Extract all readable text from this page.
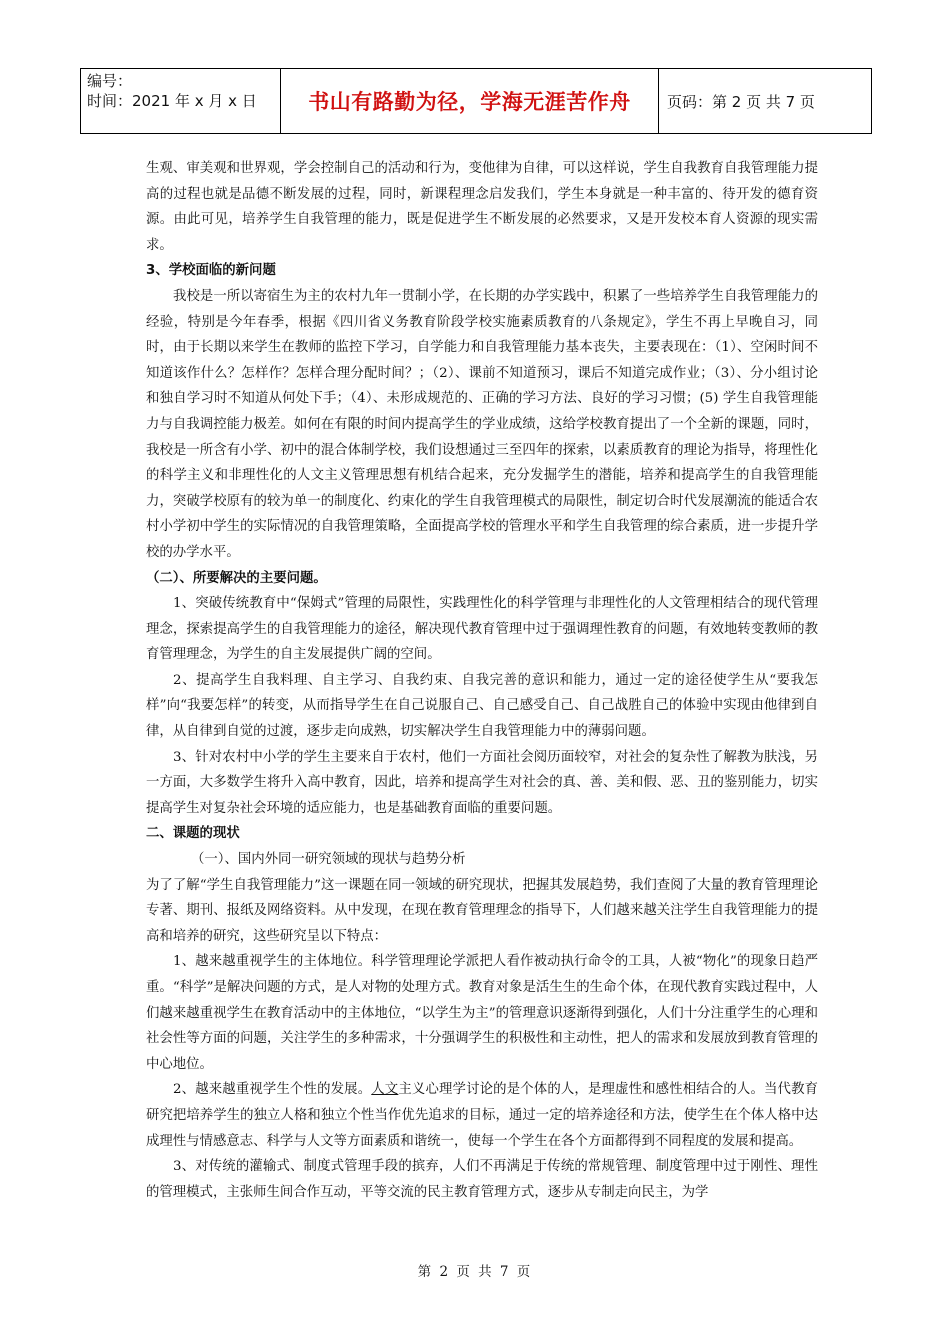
编号：
时间：2021 年 x 月 x 日	书山有路勤为径，学海无涯苦作舟	页码：第 2 页 共 7 页

生观、审美观和世界观，学会控制自己的活动和行为，变他律为自律，可以这样说，学生自我教育自我管理能力提高的过程也就是品德不断发展的过程，同时，新课程理念启发我们，学生本身就是一种丰富的、待开发的德育资源。由此可见，培养学生自我管理的能力，既是促进学生不断发展的必然要求，又是开发校本育人资源的现实需求。

3、学校面临的新问题

我校是一所以寄宿生为主的农村九年一贯制小学，在长期的办学实践中，积累了一些培养学生自我管理能力的经验，特别是今年春季，根据《四川省义务教育阶段学校实施素质教育的八条规定》，学生不再上早晚自习，同时，由于长期以来学生在教师的监控下学习，自学能力和自我管理能力基本丧失，主要表现在：（1）、空闲时间不知道该作什么？怎样作？怎样合理分配时间？；（2）、课前不知道预习，课后不知道完成作业；（3）、分小组讨论和独自学习时不知道从何处下手；（4）、未形成规范的、正确的学习方法、良好的学习习惯；(5) 学生自我管理能力与自我调控能力极差。如何在有限的时间内提高学生的学业成绩，这给学校教育提出了一个全新的课题，同时，我校是一所含有小学、初中的混合体制学校，我们设想通过三至四年的探索，以素质教育的理论为指导，将理性化的科学主义和非理性化的人文主义管理思想有机结合起来，充分发掘学生的潜能，培养和提高学生的自我管理能力，突破学校原有的较为单一的制度化、约束化的学生自我管理模式的局限性，制定切合时代发展潮流的能适合农村小学初中学生的实际情况的自我管理策略，全面提高学校的管理水平和学生自我管理的综合素质，进一步提升学校的办学水平。

（二）、所要解决的主要问题。

1、突破传统教育中“保姆式”管理的局限性，实践理性化的科学管理与非理性化的人文管理相结合的现代管理理念，探索提高学生的自我管理能力的途径，解决现代教育管理中过于强调理性教育的问题，有效地转变教师的教育管理理念，为学生的自主发展提供广阔的空间。

2、提高学生自我料理、自主学习、自我约束、自我完善的意识和能力，通过一定的途径使学生从“要我怎样”向“我要怎样”的转变，从而指导学生在自己说服自己、自己感受自己、自己战胜自己的体验中实现由他律到自律，从自律到自觉的过渡，逐步走向成熟，切实解决学生自我管理能力中的薄弱问题。

3、针对农村中小学的学生主要来自于农村，他们一方面社会阅历面较窄，对社会的复杂性了解教为肤浅，另一方面，大多数学生将升入高中教育，因此，培养和提高学生对社会的真、善、美和假、恶、丑的鉴别能力，切实提高学生对复杂社会环境的适应能力，也是基础教育面临的重要问题。

二、课题的现状

（一）、国内外同一研究领域的现状与趋势分析

为了了解“学生自我管理能力”这一课题在同一领域的研究现状，把握其发展趋势，我们查阅了大量的教育管理理论专著、期刊、报纸及网络资料。从中发现，在现在教育管理理念的指导下，人们越来越关注学生自我管理能力的提高和培养的研究，这些研究呈以下特点：

1、越来越重视学生的主体地位。科学管理理论学派把人看作被动执行命令的工具，人被“物化”的现象日趋严重。“科学”是解决问题的方式，是人对物的处理方式。教育对象是活生生的生命个体，在现代教育实践过程中，人们越来越重视学生在教育活动中的主体地位，“以学生为主”的管理意识逐渐得到强化，人们十分注重学生的心理和社会性等方面的问题，关注学生的多种需求，十分强调学生的积极性和主动性，把人的需求和发展放到教育管理的中心地位。

2、越来越重视学生个性的发展。人文主义心理学讨论的是个体的人，是理虚性和感性相结合的人。当代教育研究把培养学生的独立人格和独立个性当作优先追求的目标，通过一定的培养途径和方法，使学生在个体人格中达成理性与情感意志、科学与人文等方面素质和谐统一，使每一个学生在各个方面都得到不同程度的发展和提高。

3、对传统的灌输式、制度式管理手段的摈弃，人们不再满足于传统的常规管理、制度管理中过于刚性、理性的管理模式，主张师生间合作互动，平等交流的民主教育管理方式，逐步从专制走向民主，为学

第 2 页 共 7 页
